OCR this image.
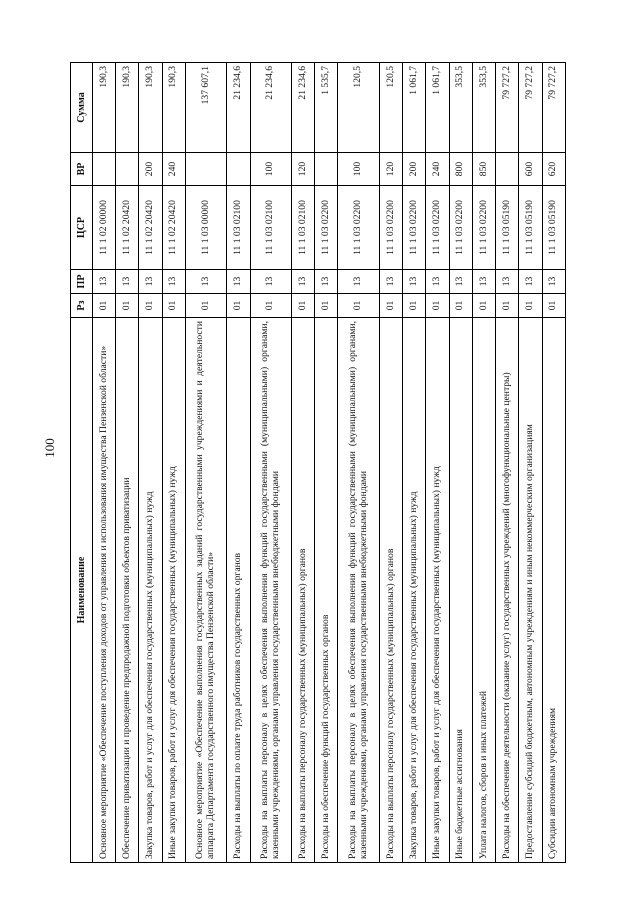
100
Наименование	Рз	ПР	ЦСР	ВР	Сумма
Основное мероприятие «Обеспечение поступления доходов от управления и использования имущества Пензенской области»	01	13	11 1 02 00000		190,3
Обеспечение приватизации и проведение предпродажной подготовки объектов приватизации	01	13	11 1 02 20420		190,3
Закупка товаров, работ и услуг для обеспечения государственных (муниципальных) нужд	01	13	11 1 02 20420	200	190,3
Иные закупки товаров, работ и услуг для обеспечения государственных (муниципальных) нужд	01	13	11 1 02 20420	240	190,3
Основное мероприятие «Обеспечение выполнения государственных заданий государственными учреждениями и деятельности аппарата Департамента государственного имущества Пензенской области»	01	13	11 1 03 00000		137 607,1
Расходы на выплаты по оплате труда работников государственных органов	01	13	11 1 03 02100		21 234,6
Расходы на выплаты персоналу в целях обеспечения выполнения функций государственными (муниципальными) органами, казенными учреждениями, органами управления государственными внебюджетными фондами	01	13	11 1 03 02100	100	21 234,6
Расходы на выплаты персоналу государственных (муниципальных) органов	01	13	11 1 03 02100	120	21 234,6
Расходы на обеспечение функций государственных органов	01	13	11 1 03 02200		1 535,7
Расходы на выплаты персоналу в целях обеспечения выполнения функций государственными (муниципальными) органами, казенными учреждениями, органами управления государственными внебюджетными фондами	01	13	11 1 03 02200	100	120,5
Расходы на выплаты персоналу государственных (муниципальных) органов	01	13	11 1 03 02200	120	120,5
Закупка товаров, работ и услуг для обеспечения государственных (муниципальных) нужд	01	13	11 1 03 02200	200	1 061,7
Иные закупки товаров, работ и услуг для обеспечения государственных (муниципальных) нужд	01	13	11 1 03 02200	240	1 061,7
Иные бюджетные ассигнования	01	13	11 1 03 02200	800	353,5
Уплата налогов, сборов и иных платежей	01	13	11 1 03 02200	850	353,5
Расходы на обеспечение деятельности (оказание услуг) государственных учреждений (многофункциональные центры)	01	13	11 1 03 05190		79 727,2
Предоставление субсидий бюджетным, автономным учреждениям и иным некоммерческим организациям	01	13	11 1 03 05190	600	79 727,2
Субсидии автономным учреждениям	01	13	11 1 03 05190	620	79 727,2
